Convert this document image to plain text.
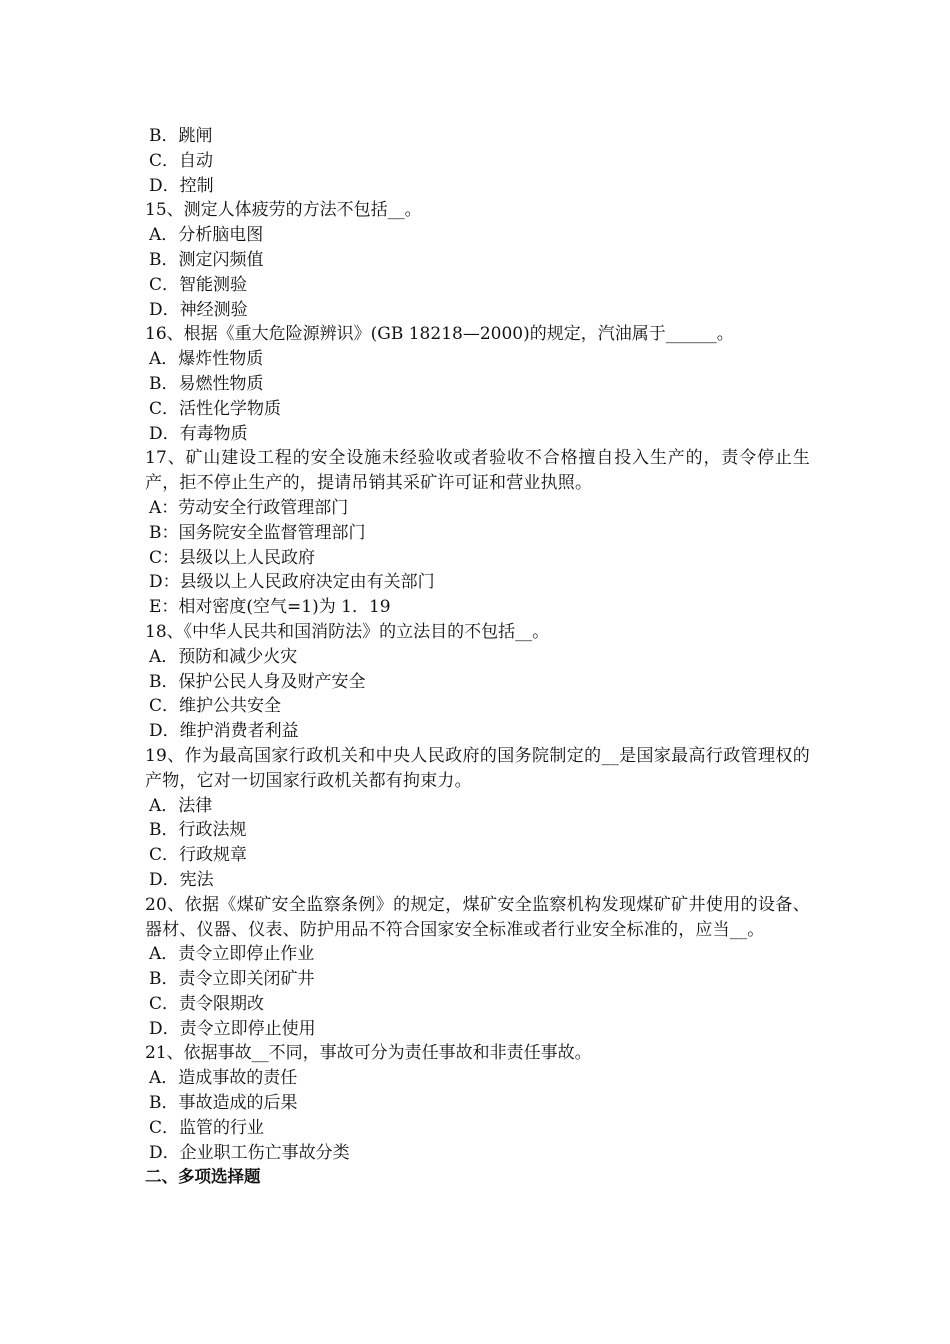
B．跳闸
C．自动
D．控制
15、测定人体疲劳的方法不包括__。
A．分析脑电图
B．测定闪频值
C．智能测验
D．神经测验
16、根据《重大危险源辨识》(GB 18218—2000)的规定，汽油属于______。
A．爆炸性物质
B．易燃性物质
C．活性化学物质
D．有毒物质
17、矿山建设工程的安全设施未经验收或者验收不合格擅自投入生产的，责令停止生产，拒不停止生产的，提请吊销其采矿许可证和营业执照。
A：劳动安全行政管理部门
B：国务院安全监督管理部门
C：县级以上人民政府
D：县级以上人民政府决定由有关部门
E：相对密度(空气=1)为 1．19
18、《中华人民共和国消防法》的立法目的不包括__。
A．预防和减少火灾
B．保护公民人身及财产安全
C．维护公共安全
D．维护消费者利益
19、作为最高国家行政机关和中央人民政府的国务院制定的__是国家最高行政管理权的产物，它对一切国家行政机关都有拘束力。
A．法律
B．行政法规
C．行政规章
D．宪法
20、依据《煤矿安全监察条例》的规定，煤矿安全监察机构发现煤矿矿井使用的设备、器材、仪器、仪表、防护用品不符合国家安全标准或者行业安全标准的，应当__。
A．责令立即停止作业
B．责令立即关闭矿井
C．责令限期改
D．责令立即停止使用
21、依据事故__不同，事故可分为责任事故和非责任事故。
A．造成事故的责任
B．事故造成的后果
C．监管的行业
D．企业职工伤亡事故分类
二、多项选择题
